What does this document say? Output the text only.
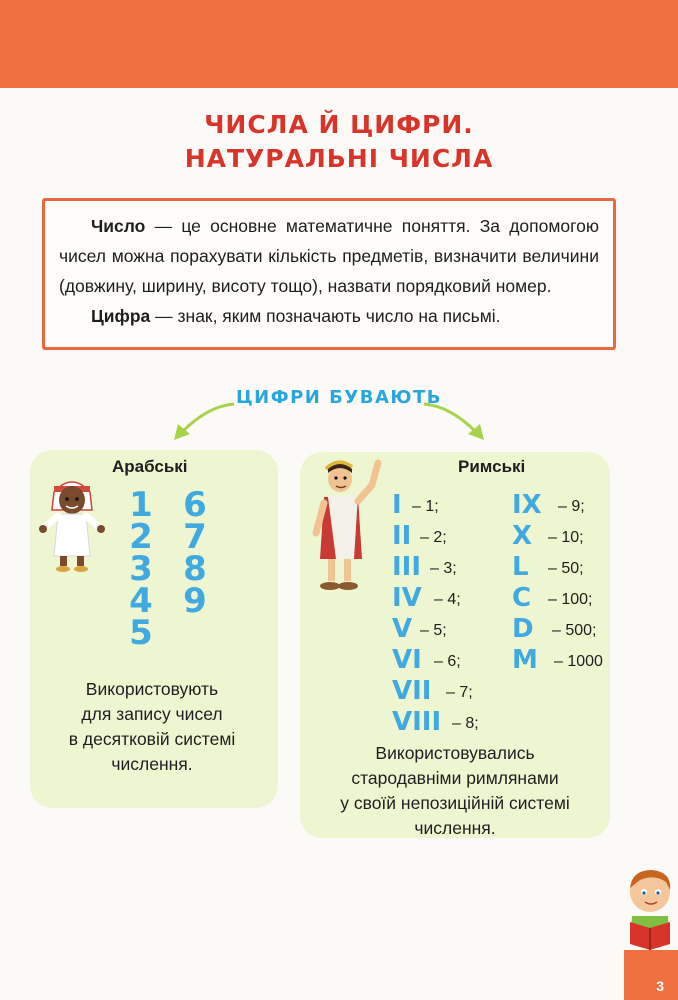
ЧИСЛА Й ЦИФРИ.
НАТУРАЛЬНІ ЧИСЛА

Число — це основне математичне поняття. За допомогою чисел можна порахувати кількість предметів, визначити величини (довжину, ширину, висоту тощо), назвати порядковий номер.

Цифра — знак, яким позначають число на письмі.

ЦИФРИ БУВАЮТЬ
Арабські
1
2
3
4
5
6
7
8
9
Використовують
для запису чисел
в десятковій системі
числення.
Римські
I – 1;
II – 2;
III – 3;
IV – 4;
V – 5;
VI – 6;
VII – 7;
VIII – 8;
IX – 9;
X – 10;
L – 50;
C – 100;
D – 500;
M – 1000
Використовувались
стародавніми римлянами
у своїй непозиційній системі
числення.
3
